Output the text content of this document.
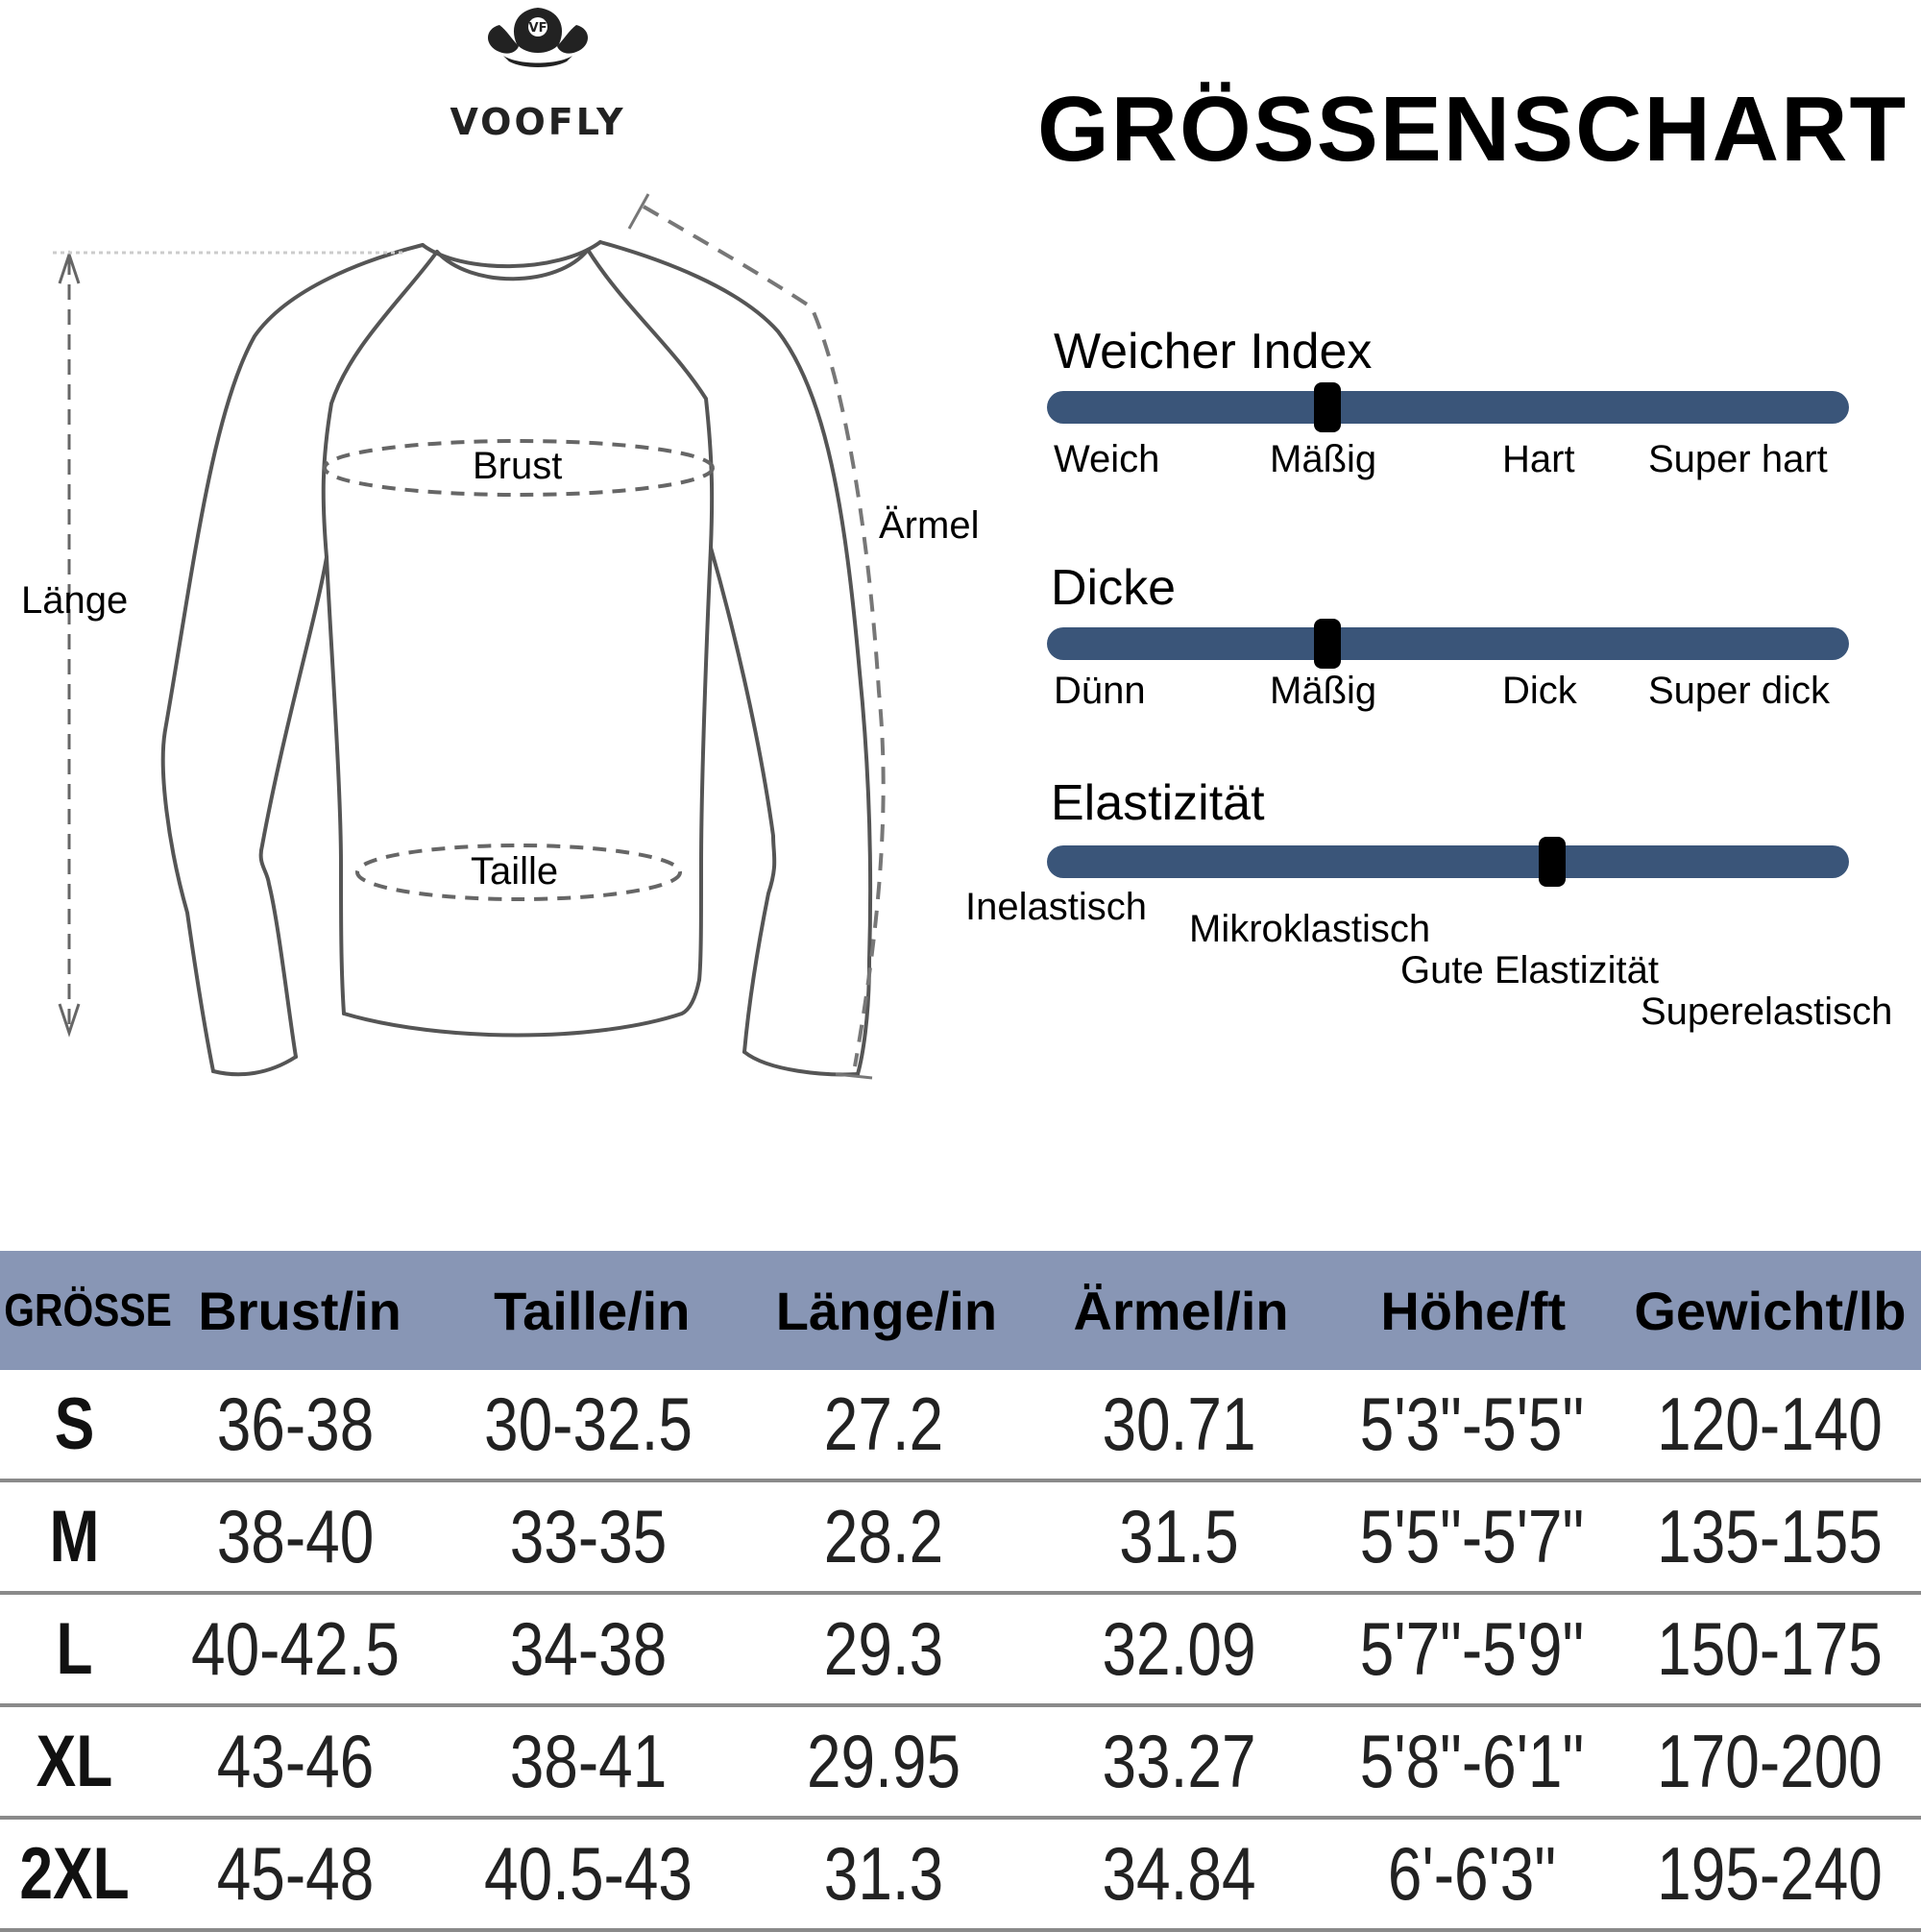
VF
VOOFLY	GRÖSSENSCHART
Länge
Brust
Taille
Ärmel
Weicher Index
Weich	Mäßig	Hart Super hart
Dicke
Dünn	Mäßig	Dick Super dick
Elastizität
Inelastisch
Mikroklastisch
Gute Elastizität
Superelastisch
GRÖSSE Brust/in	Taille/in	Länge/in	Ärmel/in	Höhe/ft	Gewicht/lb
S	36-38	30-32.5	27.2	30.71	5'3"-5'5" 120-140
M	38-40	33-35	28.2	31.5	5'5"-5'7" 135-155
L	40-42.5	34-38	29.3	32.09	5'7"-5'9" 150-175
XL	43-46	38-41	29.95	33.27	5'8"-6'1" 170-200
2XL	45-48	40.5-43	31.3	34.84	6'-6'3"	195-240
